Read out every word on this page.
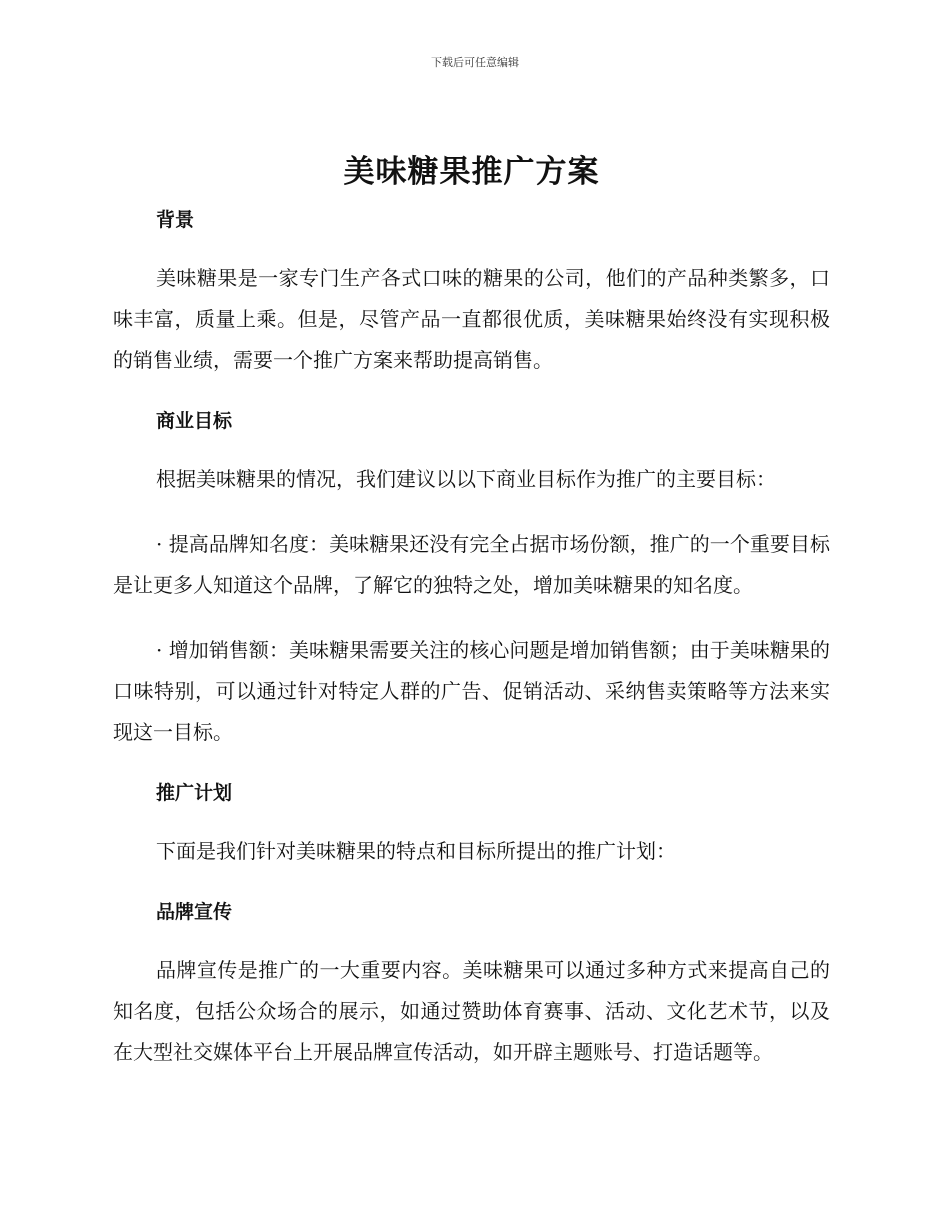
下载后可任意编辑
美味糖果推广方案
背景

美味糖果是一家专门生产各式口味的糖果的公司，他们的产品种类繁多，口味丰富，质量上乘。但是，尽管产品一直都很优质，美味糖果始终没有实现积极的销售业绩，需要一个推广方案来帮助提高销售。

商业目标

根据美味糖果的情况，我们建议以以下商业目标作为推广的主要目标：

· 提高品牌知名度：美味糖果还没有完全占据市场份额，推广的一个重要目标是让更多人知道这个品牌，了解它的独特之处，增加美味糖果的知名度。

· 增加销售额：美味糖果需要关注的核心问题是增加销售额；由于美味糖果的口味特别，可以通过针对特定人群的广告、促销活动、采纳售卖策略等方法来实现这一目标。

推广计划

下面是我们针对美味糖果的特点和目标所提出的推广计划：

品牌宣传

品牌宣传是推广的一大重要内容。美味糖果可以通过多种方式来提高自己的知名度，包括公众场合的展示，如通过赞助体育赛事、活动、文化艺术节，以及在大型社交媒体平台上开展品牌宣传活动，如开辟主题账号、打造话题等。
